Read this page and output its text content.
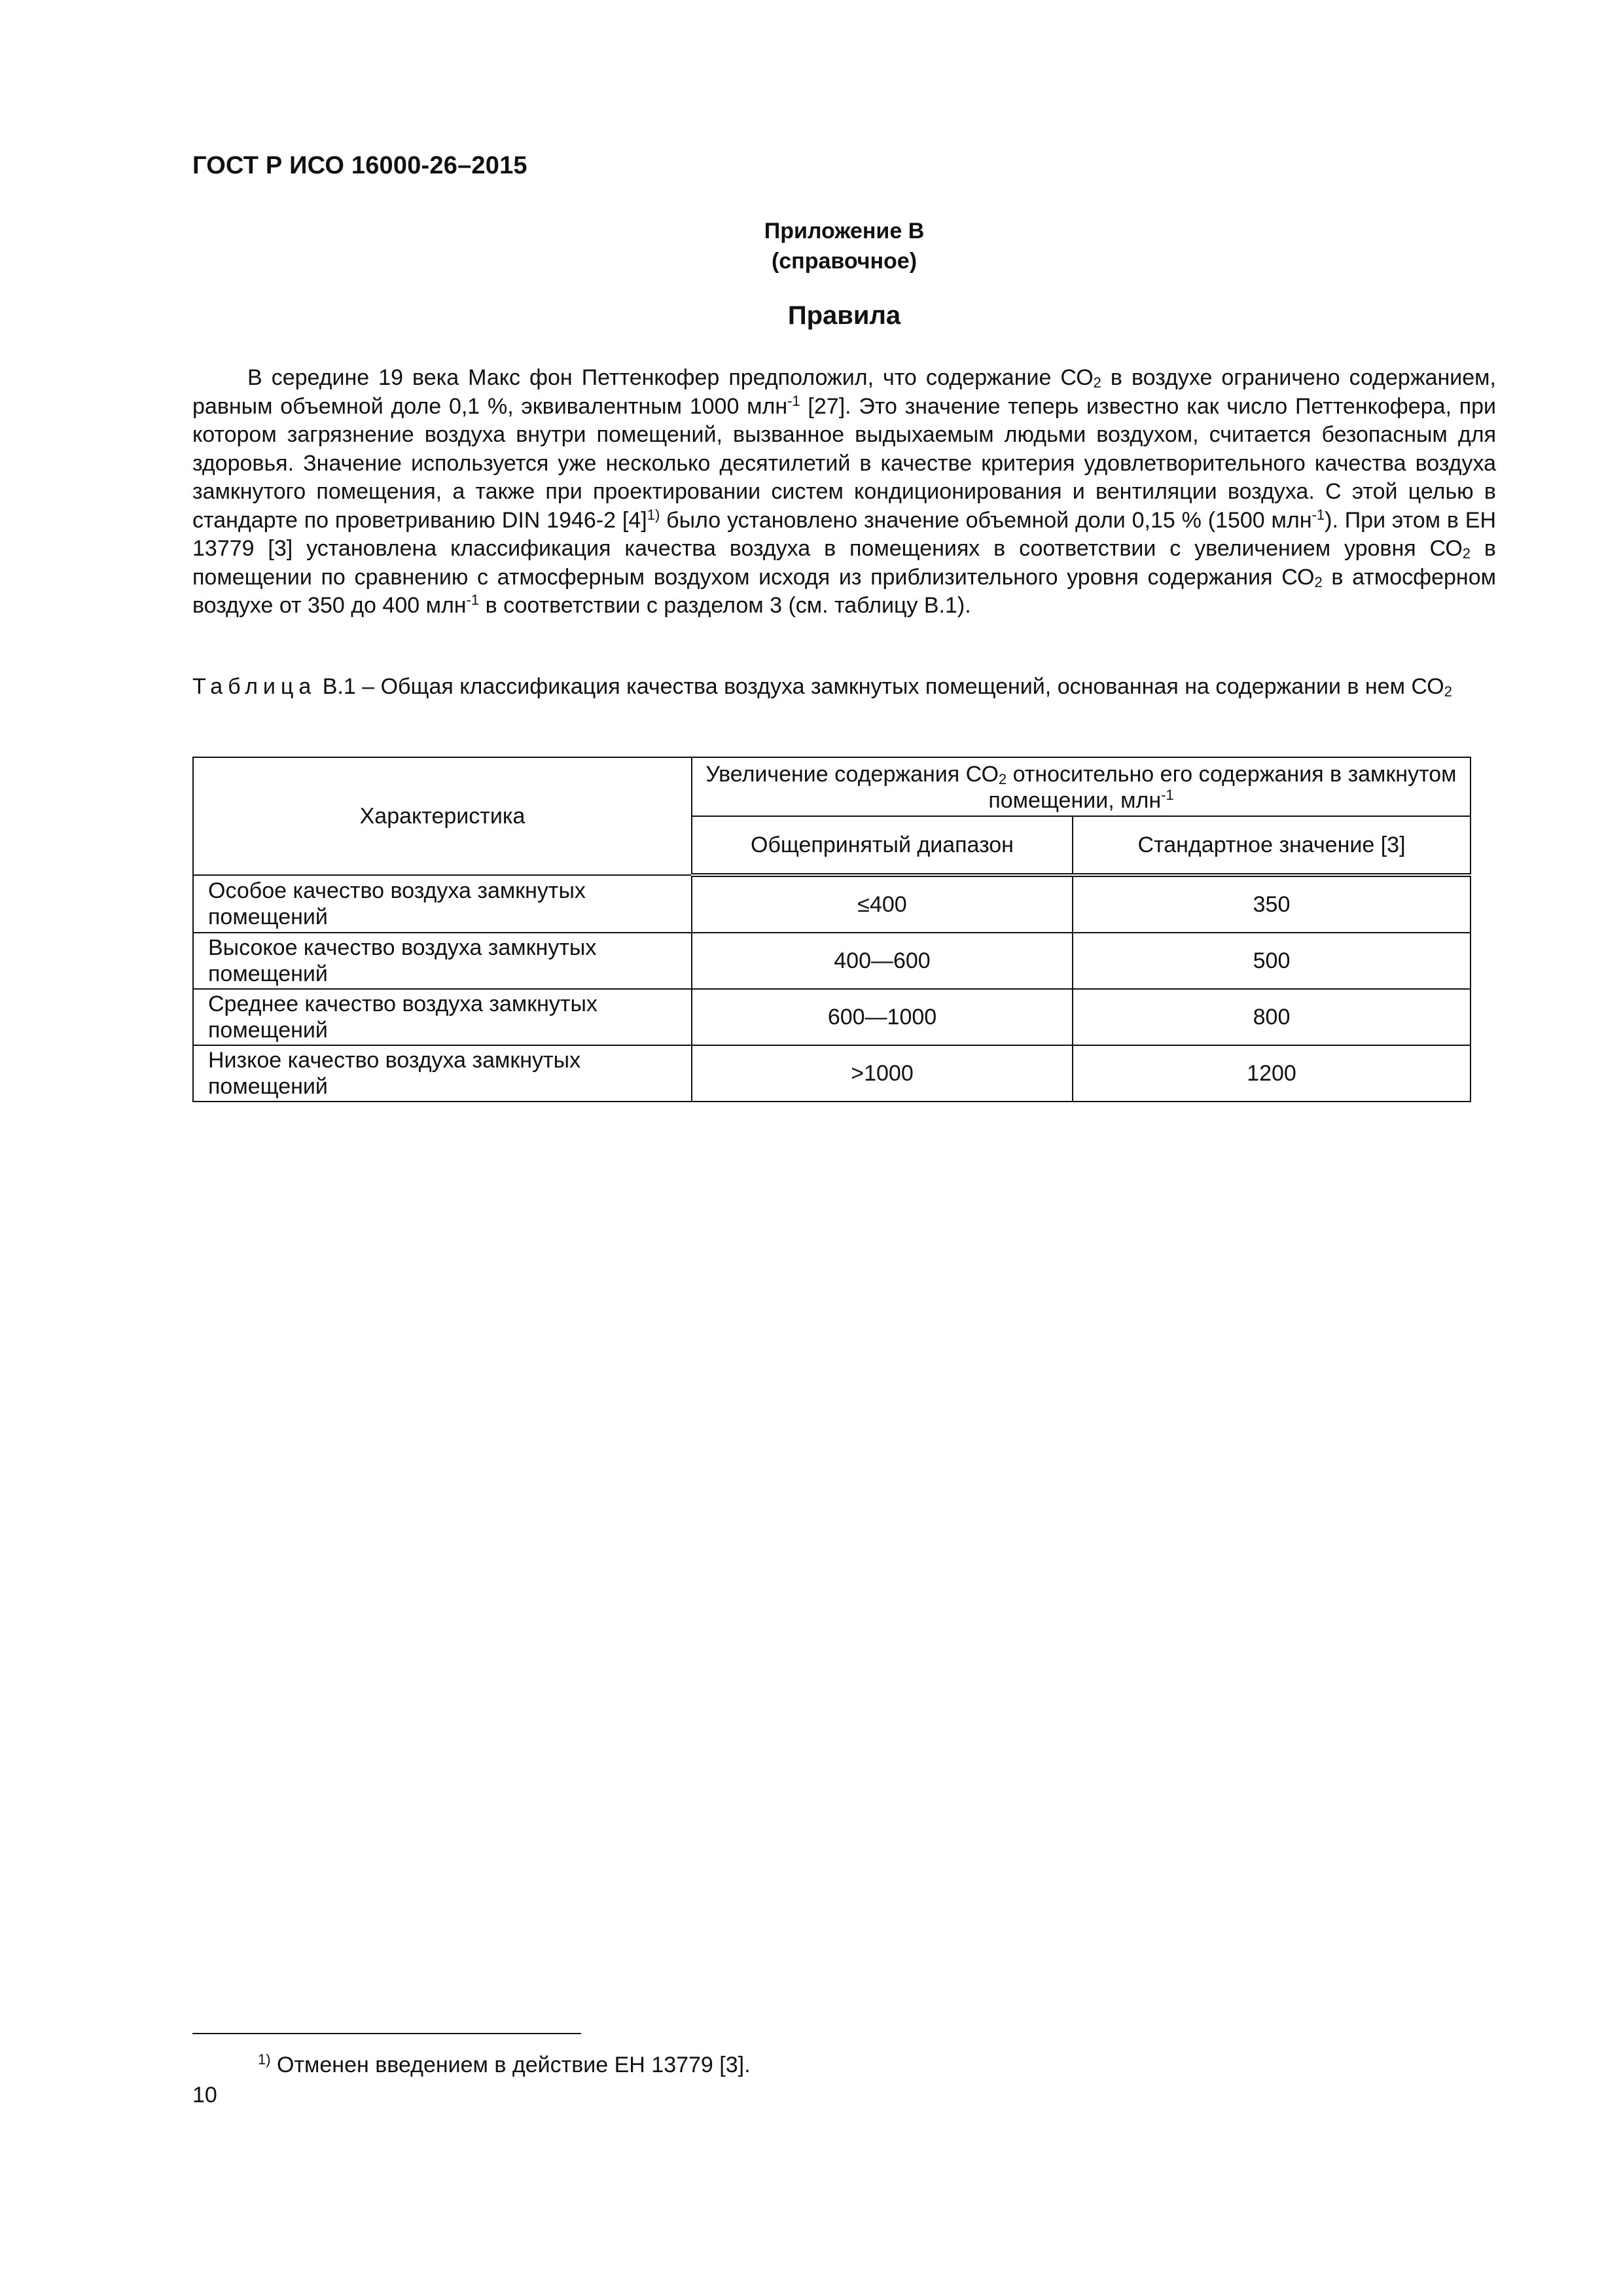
ГОСТ Р ИСО 16000-26–2015
Приложение В
(справочное)
Правила
В середине 19 века Макс фон Петтенкофер предположил, что содержание $СО_2$ в воздухе ограничено содержанием, равным объемной доле 0,1 %, эквивалентным 1000 млн$^{-1}$ [27]. Это значение теперь известно как число Петтенкофера, при котором загрязнение воздуха внутри помещений, вызванное выдыхаемым людьми воздухом, считается безопасным для здоровья. Значение используется уже несколько десятилетий в качестве критерия удовлетворительного качества воздуха замкнутого помещения, а также при проектировании систем кондиционирования и вентиляции воздуха. С этой целью в стандарте по проветриванию DIN 1946-2 $[4]^{1)}$ было установлено значение объемной доли 0,15 % (1500 млн$^{-1}$). При этом в ЕН 13779 [3] установлена классификация качества воздуха в помещениях в соответствии с увеличением уровня $СО_2$ в помещении по сравнению с атмосферным воздухом исходя из приблизительного уровня содержания $СО_2$ в атмосферном воздухе от 350 до 400 млн$^{-1}$ в соответствии с разделом 3 (см. таблицу В.1).
Таблица В.1 – Общая классификация качества воздуха замкнутых помещений, основанная на содержании в нем $СО_2$
Характеристика	Увеличение содержания $СО_2$ относительно его содержания в замкнутом помещении, млн$^{-1}$
	Общепринятый диапазон	Стандартное значение [3]
Особое качество воздуха замкнутых помещений	≤400	350
Высокое качество воздуха замкнутых помещений	400—600	500
Среднее качество воздуха замкнутых помещений	600—1000	800
Низкое качество воздуха замкнутых помещений	>1000	1200
$^{1)}$ Отменен введением в действие ЕН 13779 [3].
10
